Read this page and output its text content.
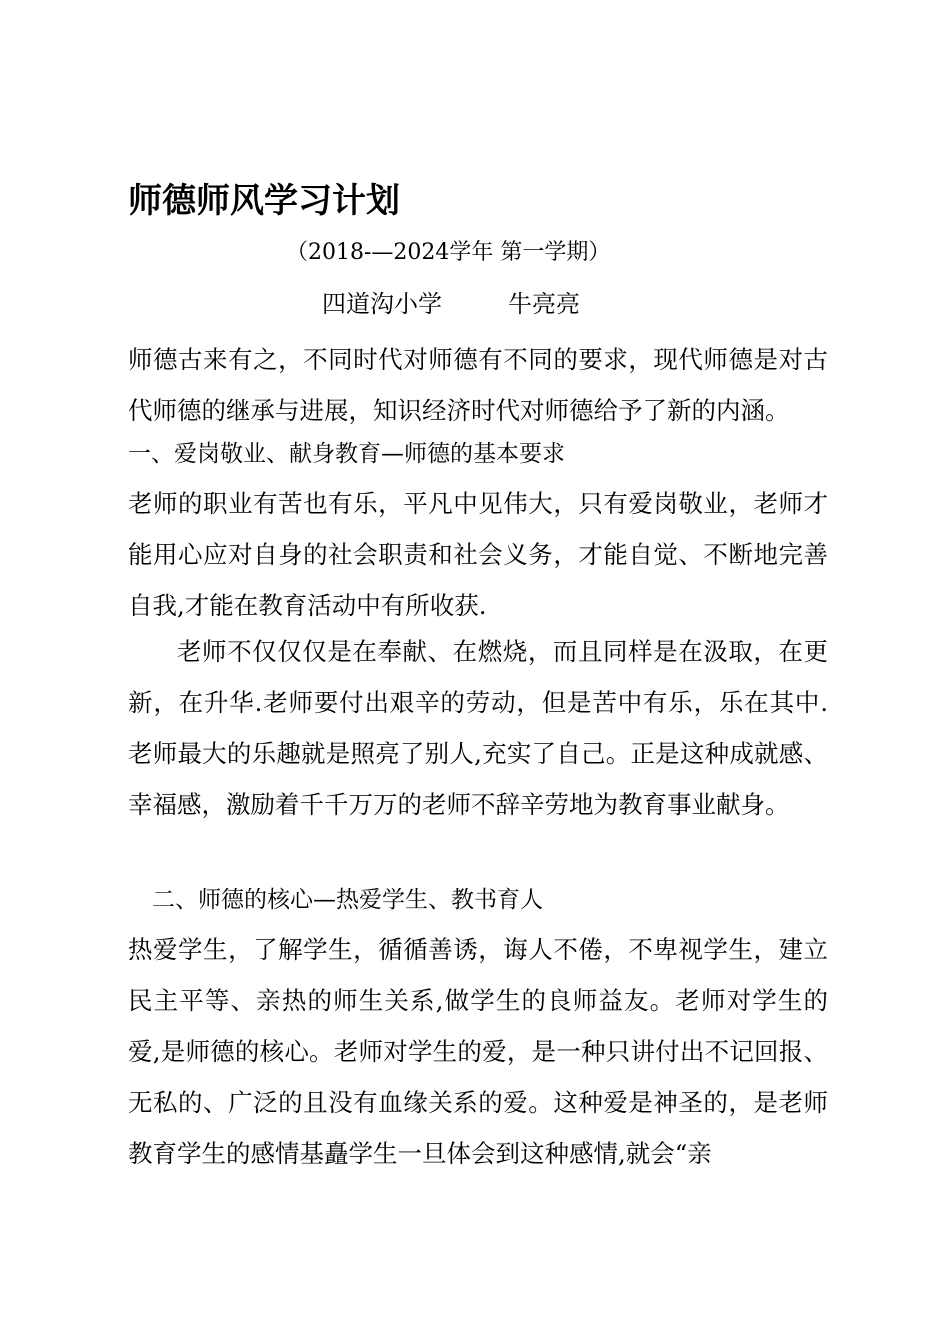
师德师风学习计划
（2018-—2024学年 第一学期）
四道沟小学	牛亮亮

师德古来有之，不同时代对师德有不同的要求，现代师德是对古代师德的继承与进展，知识经济时代对师德给予了新的内涵。

一、爱岗敬业、献身教育—师德的基本要求

老师的职业有苦也有乐，平凡中见伟大，只有爱岗敬业，老师才能用心应对自身的社会职责和社会义务，才能自觉、不断地完善自我,才能在教育活动中有所收获.

老师不仅仅仅是在奉献、在燃烧，而且同样是在汲取，在更新，在升华.老师要付出艰辛的劳动，但是苦中有乐，乐在其中.老师最大的乐趣就是照亮了别人,充实了自己。正是这种成就感、幸福感，激励着千千万万的老师不辞辛劳地为教育事业献身。

二、师德的核心—热爱学生、教书育人

热爱学生，了解学生，循循善诱，诲人不倦，不卑视学生，建立民主平等、亲热的师生关系,做学生的良师益友。老师对学生的爱,是师德的核心。老师对学生的爱，是一种只讲付出不记回报、无私的、广泛的且没有血缘关系的爱。这种爱是神圣的，是老师教育学生的感情基矗学生一旦体会到这种感情,就会“亲
